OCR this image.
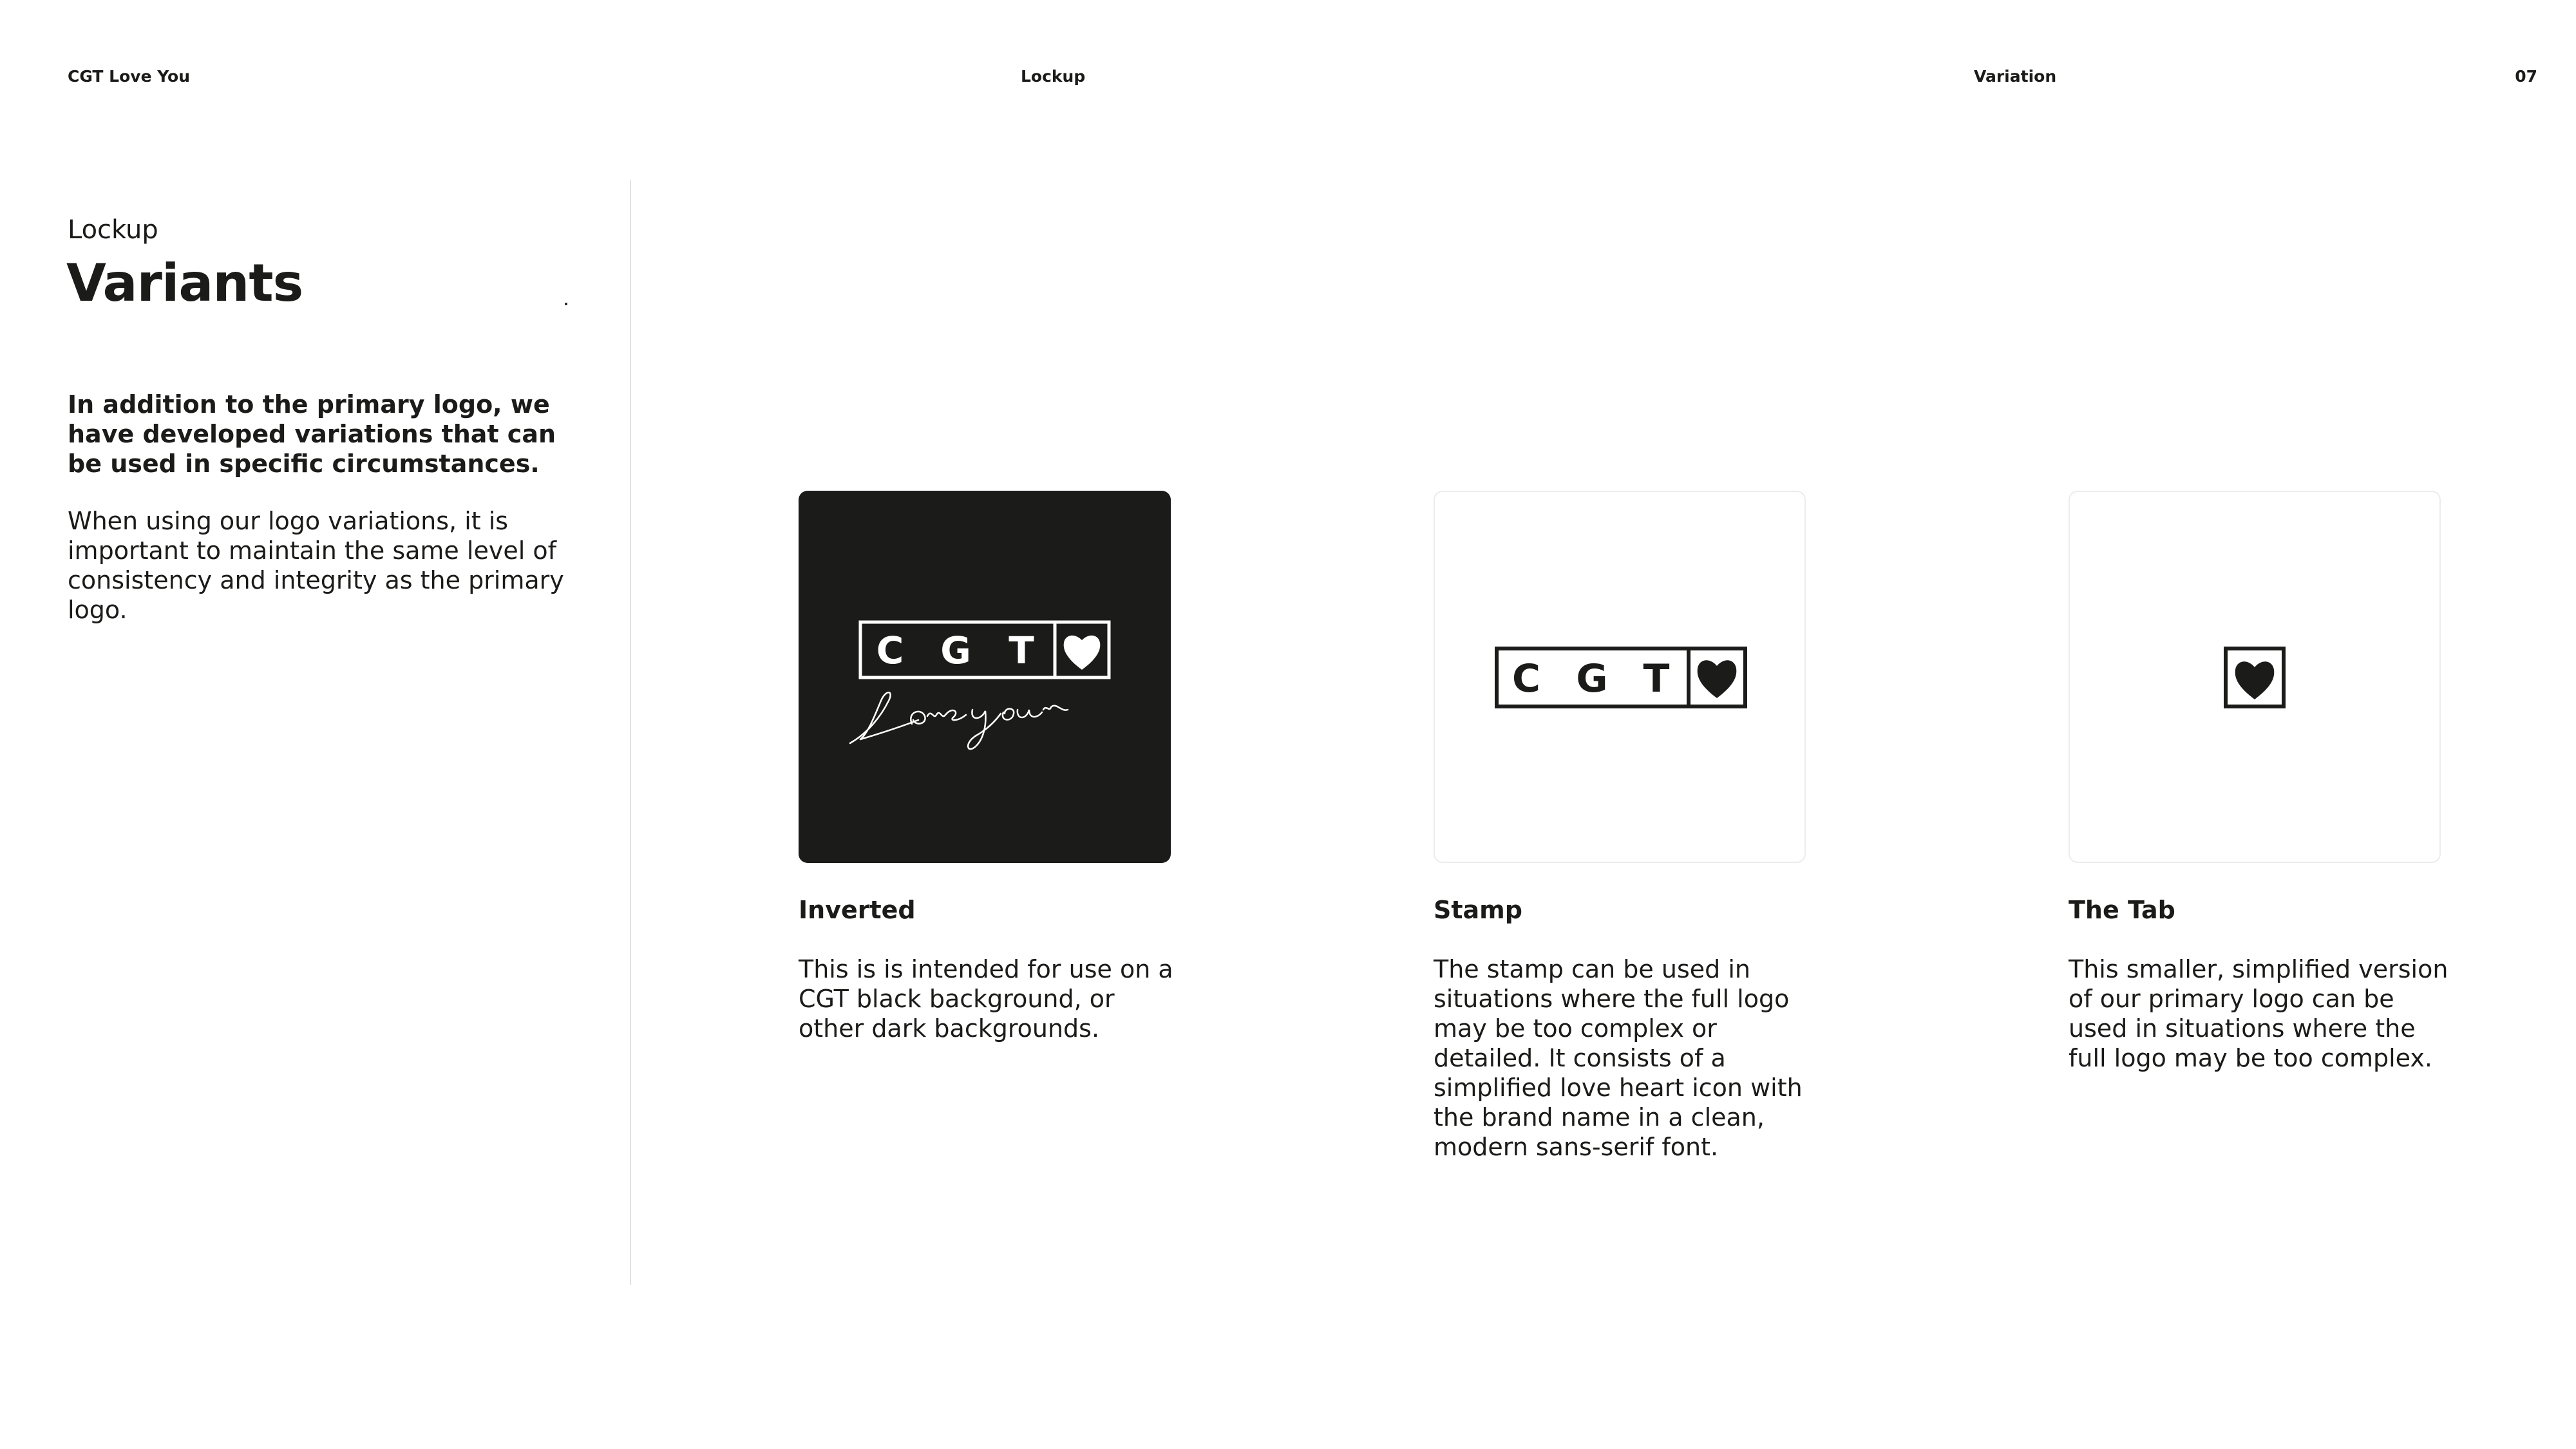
CGT Love You	Lockup	Variation	07
Lockup
Variants
In addition to the primary logo, we have developed variations that can be used in specific circumstances.
When using our logo variations, it is important to maintain the same level of consistency and integrity as the primary logo.
C G T
Inverted
This is is intended for use on a CGT black background, or other dark backgrounds.
C G T
Stamp
The stamp can be used in situations where the full logo may be too complex or detailed. It consists of a simplified love heart icon with the brand name in a clean, modern sans-serif font.
The Tab
This smaller, simplified version of our primary logo can be used in situations where the full logo may be too complex.
